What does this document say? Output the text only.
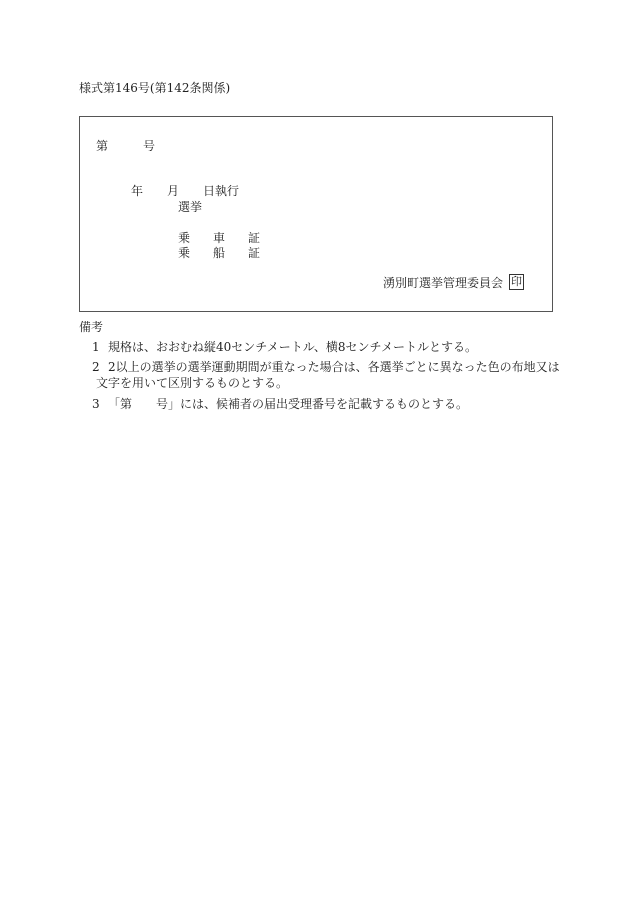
様式第146号(第142条関係)
第	号
年 月 日執行
選挙
乗 車 証
乗 船 証
湧別町選挙管理委員会 印
備考
1 規格は、おおむね縦40センチメートル、横8センチメートルとする。
2 2以上の選挙の選挙運動期間が重なった場合は、各選挙ごとに異なった色の布地又は
文字を用いて区別するものとする。
3 「第　　号」には、候補者の届出受理番号を記載するものとする。
